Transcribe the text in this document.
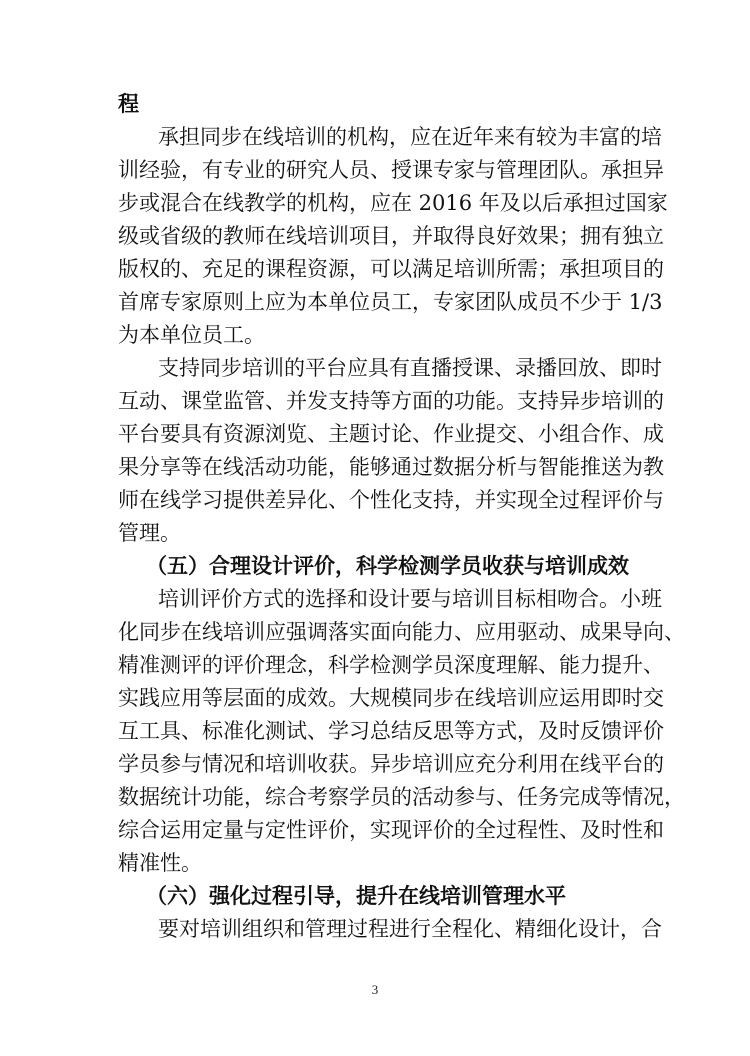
程
承担同步在线培训的机构，应在近年来有较为丰富的培
训经验，有专业的研究人员、授课专家与管理团队。承担异
步或混合在线教学的机构，应在 2016 年及以后承担过国家
级或省级的教师在线培训项目，并取得良好效果；拥有独立
版权的、充足的课程资源，可以满足培训所需；承担项目的
首席专家原则上应为本单位员工，专家团队成员不少于 1/3
为本单位员工。
支持同步培训的平台应具有直播授课、录播回放、即时
互动、课堂监管、并发支持等方面的功能。支持异步培训的
平台要具有资源浏览、主题讨论、作业提交、小组合作、成
果分享等在线活动功能，能够通过数据分析与智能推送为教
师在线学习提供差异化、个性化支持，并实现全过程评价与
管理。
（五）合理设计评价，科学检测学员收获与培训成效
培训评价方式的选择和设计要与培训目标相吻合。小班
化同步在线培训应强调落实面向能力、应用驱动、成果导向、
精准测评的评价理念，科学检测学员深度理解、能力提升、
实践应用等层面的成效。大规模同步在线培训应运用即时交
互工具、标准化测试、学习总结反思等方式，及时反馈评价
学员参与情况和培训收获。异步培训应充分利用在线平台的
数据统计功能，综合考察学员的活动参与、任务完成等情况，
综合运用定量与定性评价，实现评价的全过程性、及时性和
精准性。
（六）强化过程引导，提升在线培训管理水平
要对培训组织和管理过程进行全程化、精细化设计，合
3
